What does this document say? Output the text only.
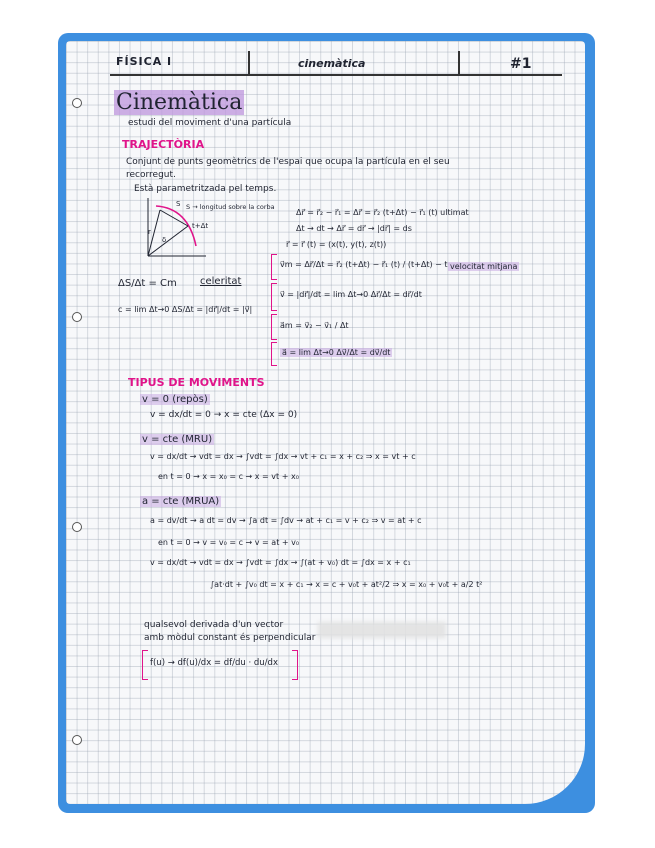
FÍSICA I	cinemàtica	#1
Cinemàtica
estudi del moviment d'una partícula
TRAJECTÒRIA
Conjunt de punts geomètrics de l'espai que ocupa la partícula en el seu
recorregut.
Està parametritzada pel temps.
S
r
δ
t+Δt
S → longitud sobre la corba
Δr⃗ = r⃗₂ − r⃗₁ = Δr⃗ = r⃗₂ (t+Δt) − r⃗₁ (t) ultimat
Δt → dt → Δr⃗ = dr⃗ → |dr⃗| = ds
r⃗ = r⃗ (t) = (x(t), y(t), z(t))
v⃗m = Δr⃗/Δt = r⃗₂ (t+Δt) − r⃗₁ (t) / (t+Δt) − t velocitat mitjana
v⃗ = |dr⃗|/dt = lim Δt→0 Δr⃗/Δt = dr⃗/dt
a⃗m = v⃗₂ − v⃗₁ / Δt
a⃗ = lim Δt→0 Δv⃗/Δt = dv⃗/dt
ΔS/Δt = Cm celeritat
c = lim Δt→0 ΔS/Δt = |dr⃗|/dt = |v⃗|
TIPUS DE MOVIMENTS
v = 0 (repòs)
v = dx/dt = 0 → x = cte (Δx = 0)
v = cte (MRU)
v = dx/dt → vdt = dx → ∫vdt = ∫dx → vt + c₁ = x + c₂ ⇒ x = vt + c
en t = 0 → x = x₀ = c → x = vt + x₀
a = cte (MRUA)
a = dv/dt → a dt = dv → ∫a dt = ∫dv → at + c₁ = v + c₂ ⇒ v = at + c
en t = 0 → v = v₀ = c → v = at + v₀
v = dx/dt → vdt = dx → ∫vdt = ∫dx → ∫(at + v₀) dt = ∫dx = x + c₁
∫at·dt + ∫v₀ dt = x + c₁ → x = c + v₀t + at²/2 ⇒ x = x₀ + v₀t + a/2 t²
qualsevol derivada d'un vector
amb mòdul constant és perpendicular
f(u) → df(u)/dx = df/du · du/dx
